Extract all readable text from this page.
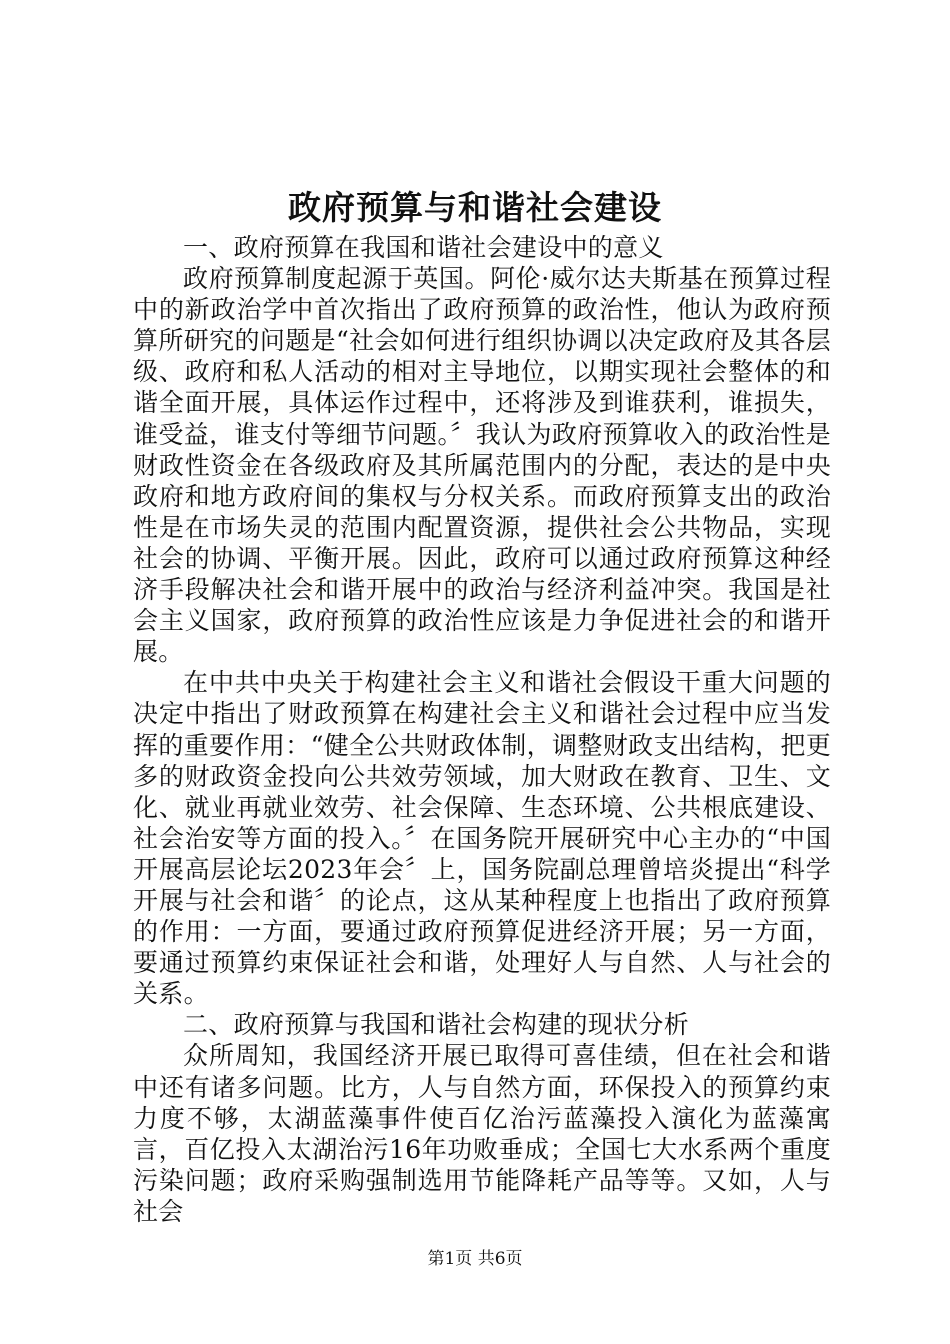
政府预算与和谐社会建设

一、政府预算在我国和谐社会建设中的意义

政府预算制度起源于英国。阿伦·威尔达夫斯基在预算过程中的新政治学中首次指出了政府预算的政治性，他认为政府预算所研究的问题是“社会如何进行组织协调以决定政府及其各层级、政府和私人活动的相对主导地位，以期实现社会整体的和谐全面开展，具体运作过程中，还将涉及到谁获利，谁损失，谁受益，谁支付等细节问题。〞我认为政府预算收入的政治性是财政性资金在各级政府及其所属范围内的分配，表达的是中央政府和地方政府间的集权与分权关系。而政府预算支出的政治性是在市场失灵的范围内配置资源，提供社会公共物品，实现社会的协调、平衡开展。因此，政府可以通过政府预算这种经济手段解决社会和谐开展中的政治与经济利益冲突。我国是社会主义国家，政府预算的政治性应该是力争促进社会的和谐开展。

在中共中央关于构建社会主义和谐社会假设干重大问题的决定中指出了财政预算在构建社会主义和谐社会过程中应当发挥的重要作用：“健全公共财政体制，调整财政支出结构，把更多的财政资金投向公共效劳领域，加大财政在教育、卫生、文化、就业再就业效劳、社会保障、生态环境、公共根底建设、社会治安等方面的投入。〞在国务院开展研究中心主办的“中国开展高层论坛2023年会〞上，国务院副总理曾培炎提出“科学开展与社会和谐〞的论点，这从某种程度上也指出了政府预算的作用：一方面，要通过政府预算促进经济开展；另一方面，要通过预算约束保证社会和谐，处理好人与自然、人与社会的关系。

二、政府预算与我国和谐社会构建的现状分析

众所周知，我国经济开展已取得可喜佳绩，但在社会和谐中还有诸多问题。比方，人与自然方面，环保投入的预算约束力度不够，太湖蓝藻事件使百亿治污蓝藻投入演化为蓝藻寓言，百亿投入太湖治污16年功败垂成；全国七大水系两个重度污染问题；政府采购强制选用节能降耗产品等等。又如，人与社会

第1页 共6页
